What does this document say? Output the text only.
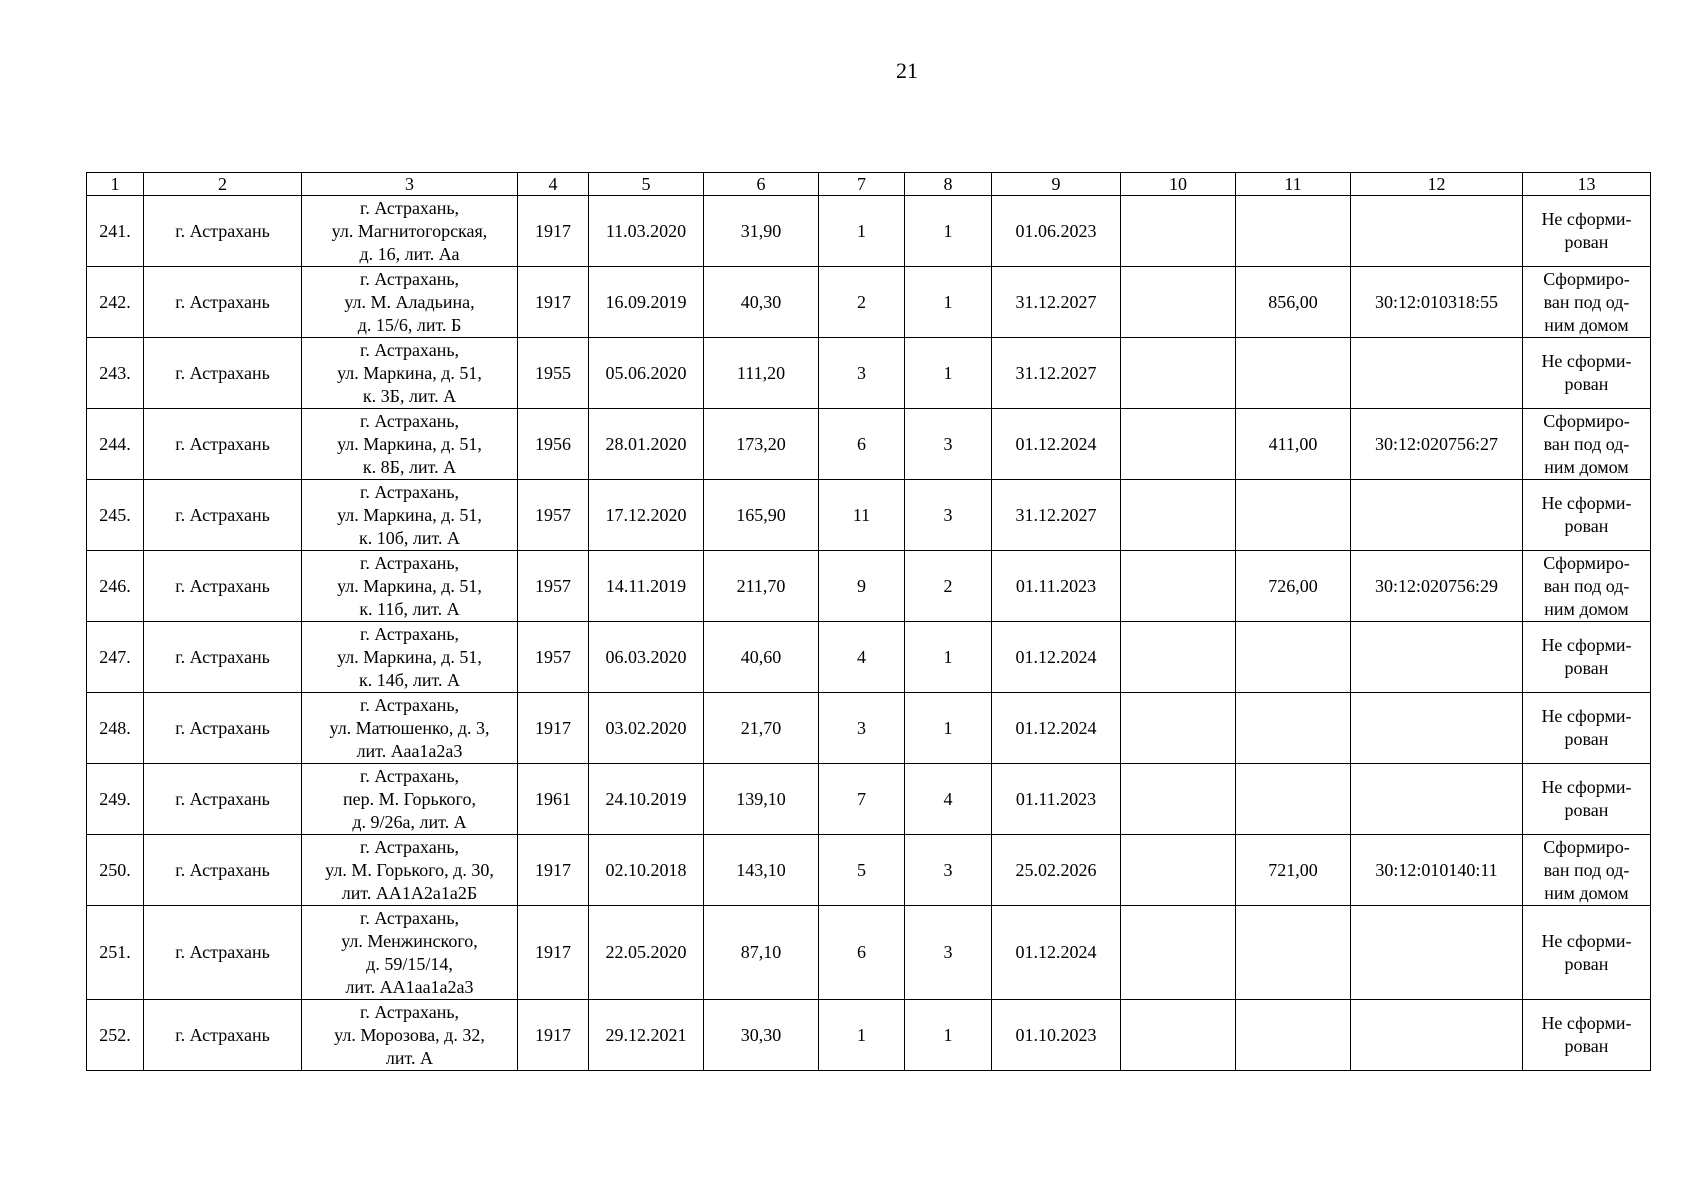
21
1	2	3	4	5	6	7	8	9	10	11	12	13
241.	г. Астрахань	г. Астрахань,
ул. Магнитогорская,
д. 16, лит. Аа	1917	11.03.2020	31,90	1	1	01.06.2023				Не сформи-
рован
242.	г. Астрахань	г. Астрахань,
ул. М. Аладьина,
д. 15/6, лит. Б	1917	16.09.2019	40,30	2	1	31.12.2027		856,00	30:12:010318:55	Сформиро-
ван под од-
ним домом
243.	г. Астрахань	г. Астрахань,
ул. Маркина, д. 51,
к. 3Б, лит. А	1955	05.06.2020	111,20	3	1	31.12.2027				Не сформи-
рован
244.	г. Астрахань	г. Астрахань,
ул. Маркина, д. 51,
к. 8Б, лит. А	1956	28.01.2020	173,20	6	3	01.12.2024		411,00	30:12:020756:27	Сформиро-
ван под од-
ним домом
245.	г. Астрахань	г. Астрахань,
ул. Маркина, д. 51,
к. 10б, лит. А	1957	17.12.2020	165,90	11	3	31.12.2027				Не сформи-
рован
246.	г. Астрахань	г. Астрахань,
ул. Маркина, д. 51,
к. 11б, лит. А	1957	14.11.2019	211,70	9	2	01.11.2023		726,00	30:12:020756:29	Сформиро-
ван под од-
ним домом
247.	г. Астрахань	г. Астрахань,
ул. Маркина, д. 51,
к. 14б, лит. А	1957	06.03.2020	40,60	4	1	01.12.2024				Не сформи-
рован
248.	г. Астрахань	г. Астрахань,
ул. Матюшенко, д. 3,
лит. Ааа1а2а3	1917	03.02.2020	21,70	3	1	01.12.2024				Не сформи-
рован
249.	г. Астрахань	г. Астрахань,
пер. М. Горького,
д. 9/26а, лит. А	1961	24.10.2019	139,10	7	4	01.11.2023				Не сформи-
рован
250.	г. Астрахань	г. Астрахань,
ул. М. Горького, д. 30,
лит. АА1А2а1а2Б	1917	02.10.2018	143,10	5	3	25.02.2026		721,00	30:12:010140:11	Сформиро-
ван под од-
ним домом
251.	г. Астрахань	г. Астрахань,
ул. Менжинского,
д. 59/15/14,
лит. АА1аа1а2а3	1917	22.05.2020	87,10	6	3	01.12.2024				Не сформи-
рован
252.	г. Астрахань	г. Астрахань,
ул. Морозова, д. 32,
лит. А	1917	29.12.2021	30,30	1	1	01.10.2023				Не сформи-
рован
